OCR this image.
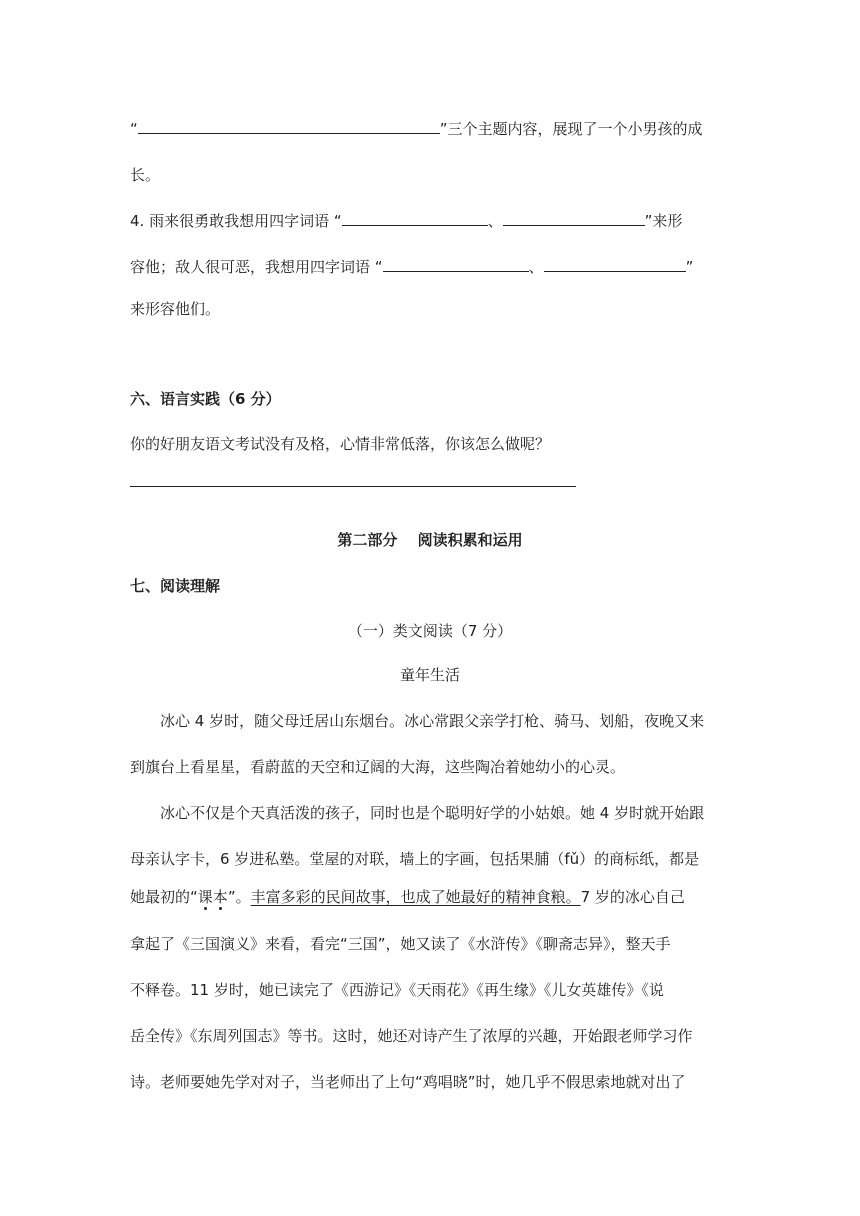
“	”三个主题内容，展现了一个小男孩的成
长。
4. 雨来很勇敢我想用四字词语 “	、	”来形
容他；敌人很可恶，我想用四字词语 “	、	”
来形容他们。
六、语言实践（6 分）
你的好朋友语文考试没有及格，心情非常低落，你该怎么做呢？
第二部分　 阅读积累和运用
七、阅读理解
（一）类文阅读（7 分）
童年生活
冰心 4 岁时，随父母迁居山东烟台。冰心常跟父亲学打枪、骑马、划船，夜晚又来
到旗台上看星星，看蔚蓝的天空和辽阔的大海，这些陶冶着她幼小的心灵。
冰心不仅是个天真活泼的孩子，同时也是个聪明好学的小姑娘。她 4 岁时就开始跟
母亲认字卡，6 岁进私塾。堂屋的对联，墙上的字画，包括果脯（fǔ）的商标纸，都是
她最初的“课本”。丰富多彩的民间故事，也成了她最好的精神食粮。7 岁的冰心自己
拿起了《三国演义》来看，看完“三国”，她又读了《水浒传》《聊斋志异》，整天手
不释卷。11 岁时，她已读完了《西游记》《天雨花》《再生缘》《儿女英雄传》《说
岳全传》《东周列国志》等书。这时，她还对诗产生了浓厚的兴趣，开始跟老师学习作
诗。老师要她先学对对子，当老师出了上句“鸡唱晓”时，她几乎不假思索地就对出了
